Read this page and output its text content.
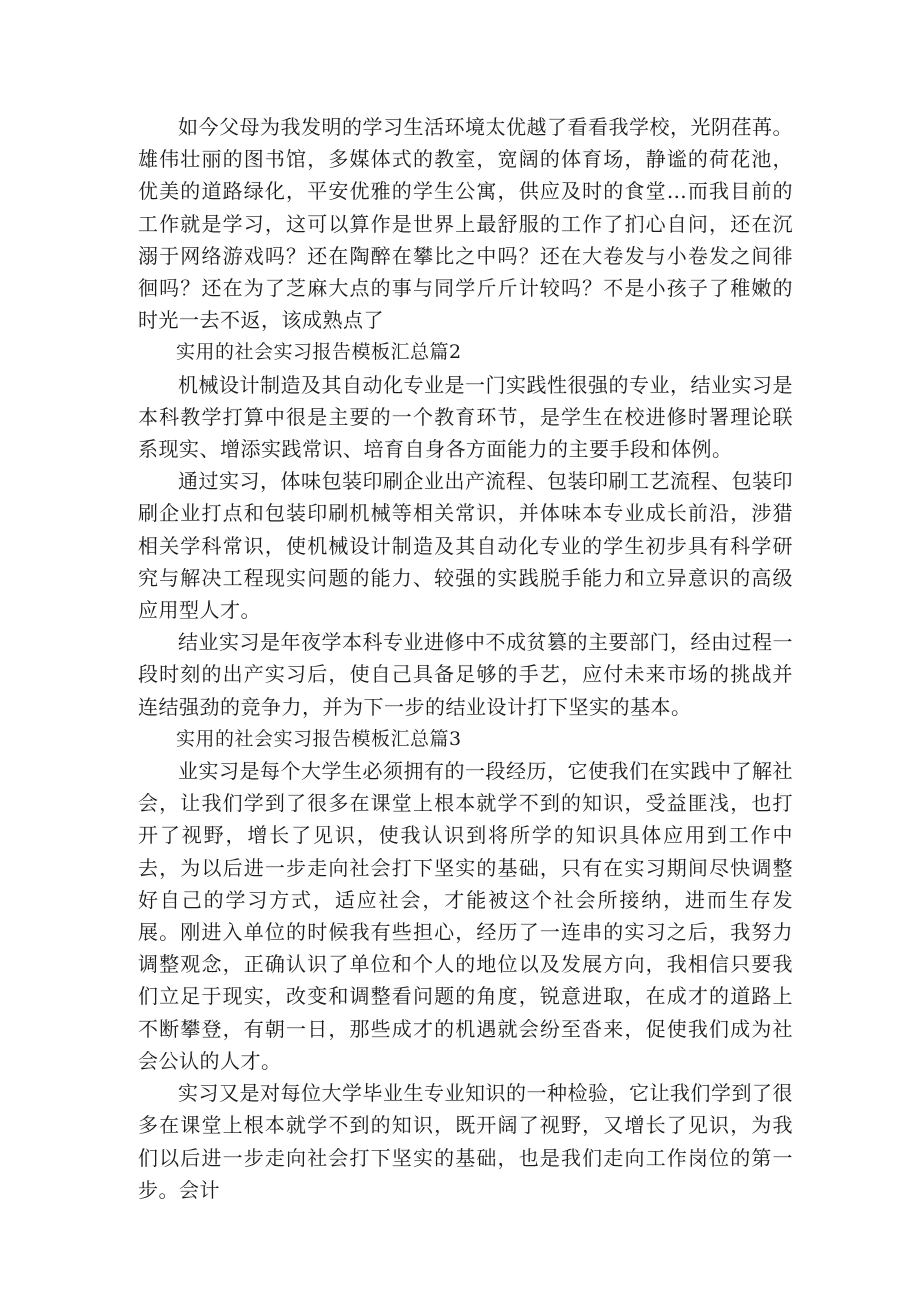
如今父母为我发明的学习生活环境太优越了看看我学校，光阴荏苒。雄伟壮丽的图书馆，多媒体式的教室，宽阔的体育场，静谧的荷花池，优美的道路绿化，平安优雅的学生公寓，供应及时的食堂…而我目前的工作就是学习，这可以算作是世界上最舒服的工作了扪心自问，还在沉溺于网络游戏吗？还在陶醉在攀比之中吗？还在大卷发与小卷发之间徘徊吗？还在为了芝麻大点的事与同学斤斤计较吗？不是小孩子了稚嫩的时光一去不返，该成熟点了

实用的社会实习报告模板汇总篇2

机械设计制造及其自动化专业是一门实践性很强的专业，结业实习是本科教学打算中很是主要的一个教育环节，是学生在校进修时署理论联系现实、增添实践常识、培育自身各方面能力的主要手段和体例。

通过实习，体味包装印刷企业出产流程、包装印刷工艺流程、包装印刷企业打点和包装印刷机械等相关常识，并体味本专业成长前沿，涉猎相关学科常识，使机械设计制造及其自动化专业的学生初步具有科学研究与解决工程现实问题的能力、较强的实践脱手能力和立异意识的高级应用型人才。

结业实习是年夜学本科专业进修中不成贫篡的主要部门，经由过程一段时刻的出产实习后，使自己具备足够的手艺，应付未来市场的挑战并连结强劲的竞争力，并为下一步的结业设计打下坚实的基本。

实用的社会实习报告模板汇总篇3

业实习是每个大学生必须拥有的一段经历，它使我们在实践中了解社会，让我们学到了很多在课堂上根本就学不到的知识，受益匪浅，也打开了视野，增长了见识，使我认识到将所学的知识具体应用到工作中去，为以后进一步走向社会打下坚实的基础，只有在实习期间尽快调整好自己的学习方式，适应社会，才能被这个社会所接纳，进而生存发展。刚进入单位的时候我有些担心，经历了一连串的实习之后，我努力调整观念，正确认识了单位和个人的地位以及发展方向，我相信只要我们立足于现实，改变和调整看问题的角度，锐意进取，在成才的道路上不断攀登，有朝一日，那些成才的机遇就会纷至沓来，促使我们成为社会公认的人才。

实习又是对每位大学毕业生专业知识的一种检验，它让我们学到了很多在课堂上根本就学不到的知识，既开阔了视野，又增长了见识，为我们以后进一步走向社会打下坚实的基础，也是我们走向工作岗位的第一步。会计
